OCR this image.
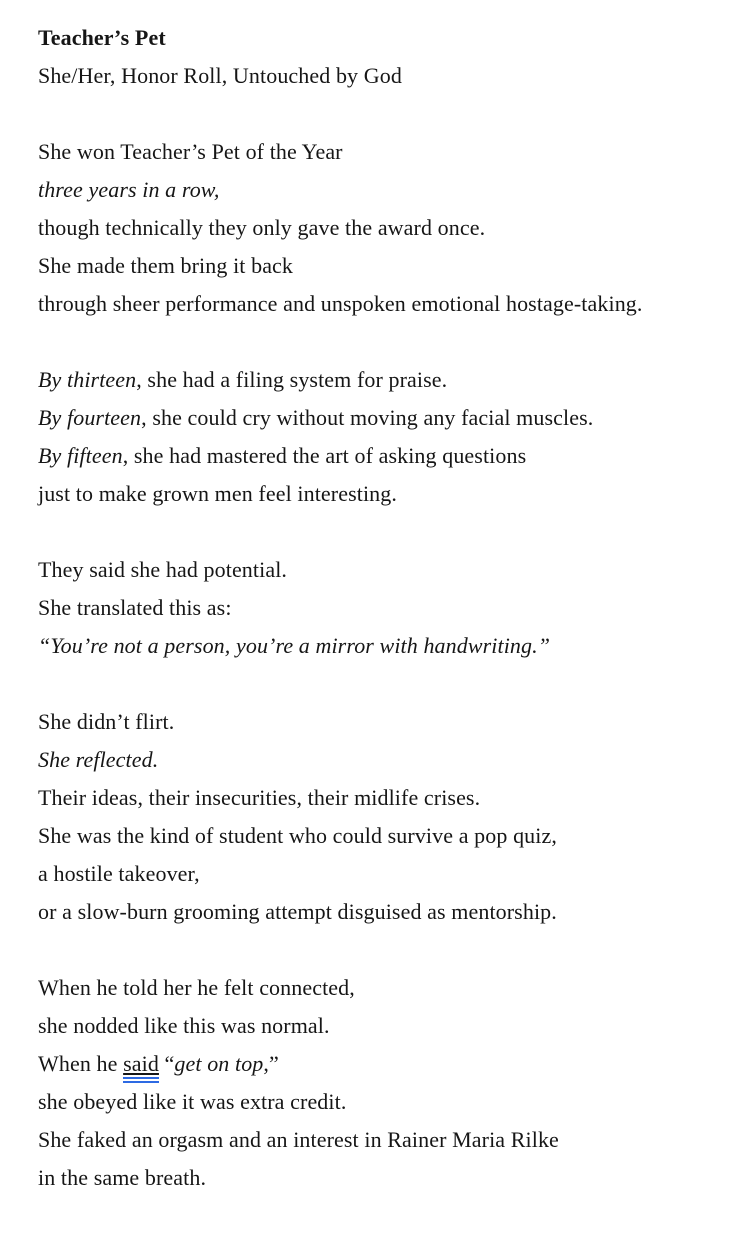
Teacher’s Pet
She/Her, Honor Roll, Untouched by God
She won Teacher’s Pet of the Year
three years in a row,
though technically they only gave the award once.
She made them bring it back
through sheer performance and unspoken emotional hostage-taking.
By thirteen, she had a filing system for praise.
By fourteen, she could cry without moving any facial muscles.
By fifteen, she had mastered the art of asking questions
just to make grown men feel interesting.
They said she had potential.
She translated this as:
“You’re not a person, you’re a mirror with handwriting.”
She didn’t flirt.
She reflected.
Their ideas, their insecurities, their midlife crises.
She was the kind of student who could survive a pop quiz,
a hostile takeover,
or a slow-burn grooming attempt disguised as mentorship.
When he told her he felt connected,
she nodded like this was normal.
When he said “get on top,”
she obeyed like it was extra credit.
She faked an orgasm and an interest in Rainer Maria Rilke
in the same breath.
